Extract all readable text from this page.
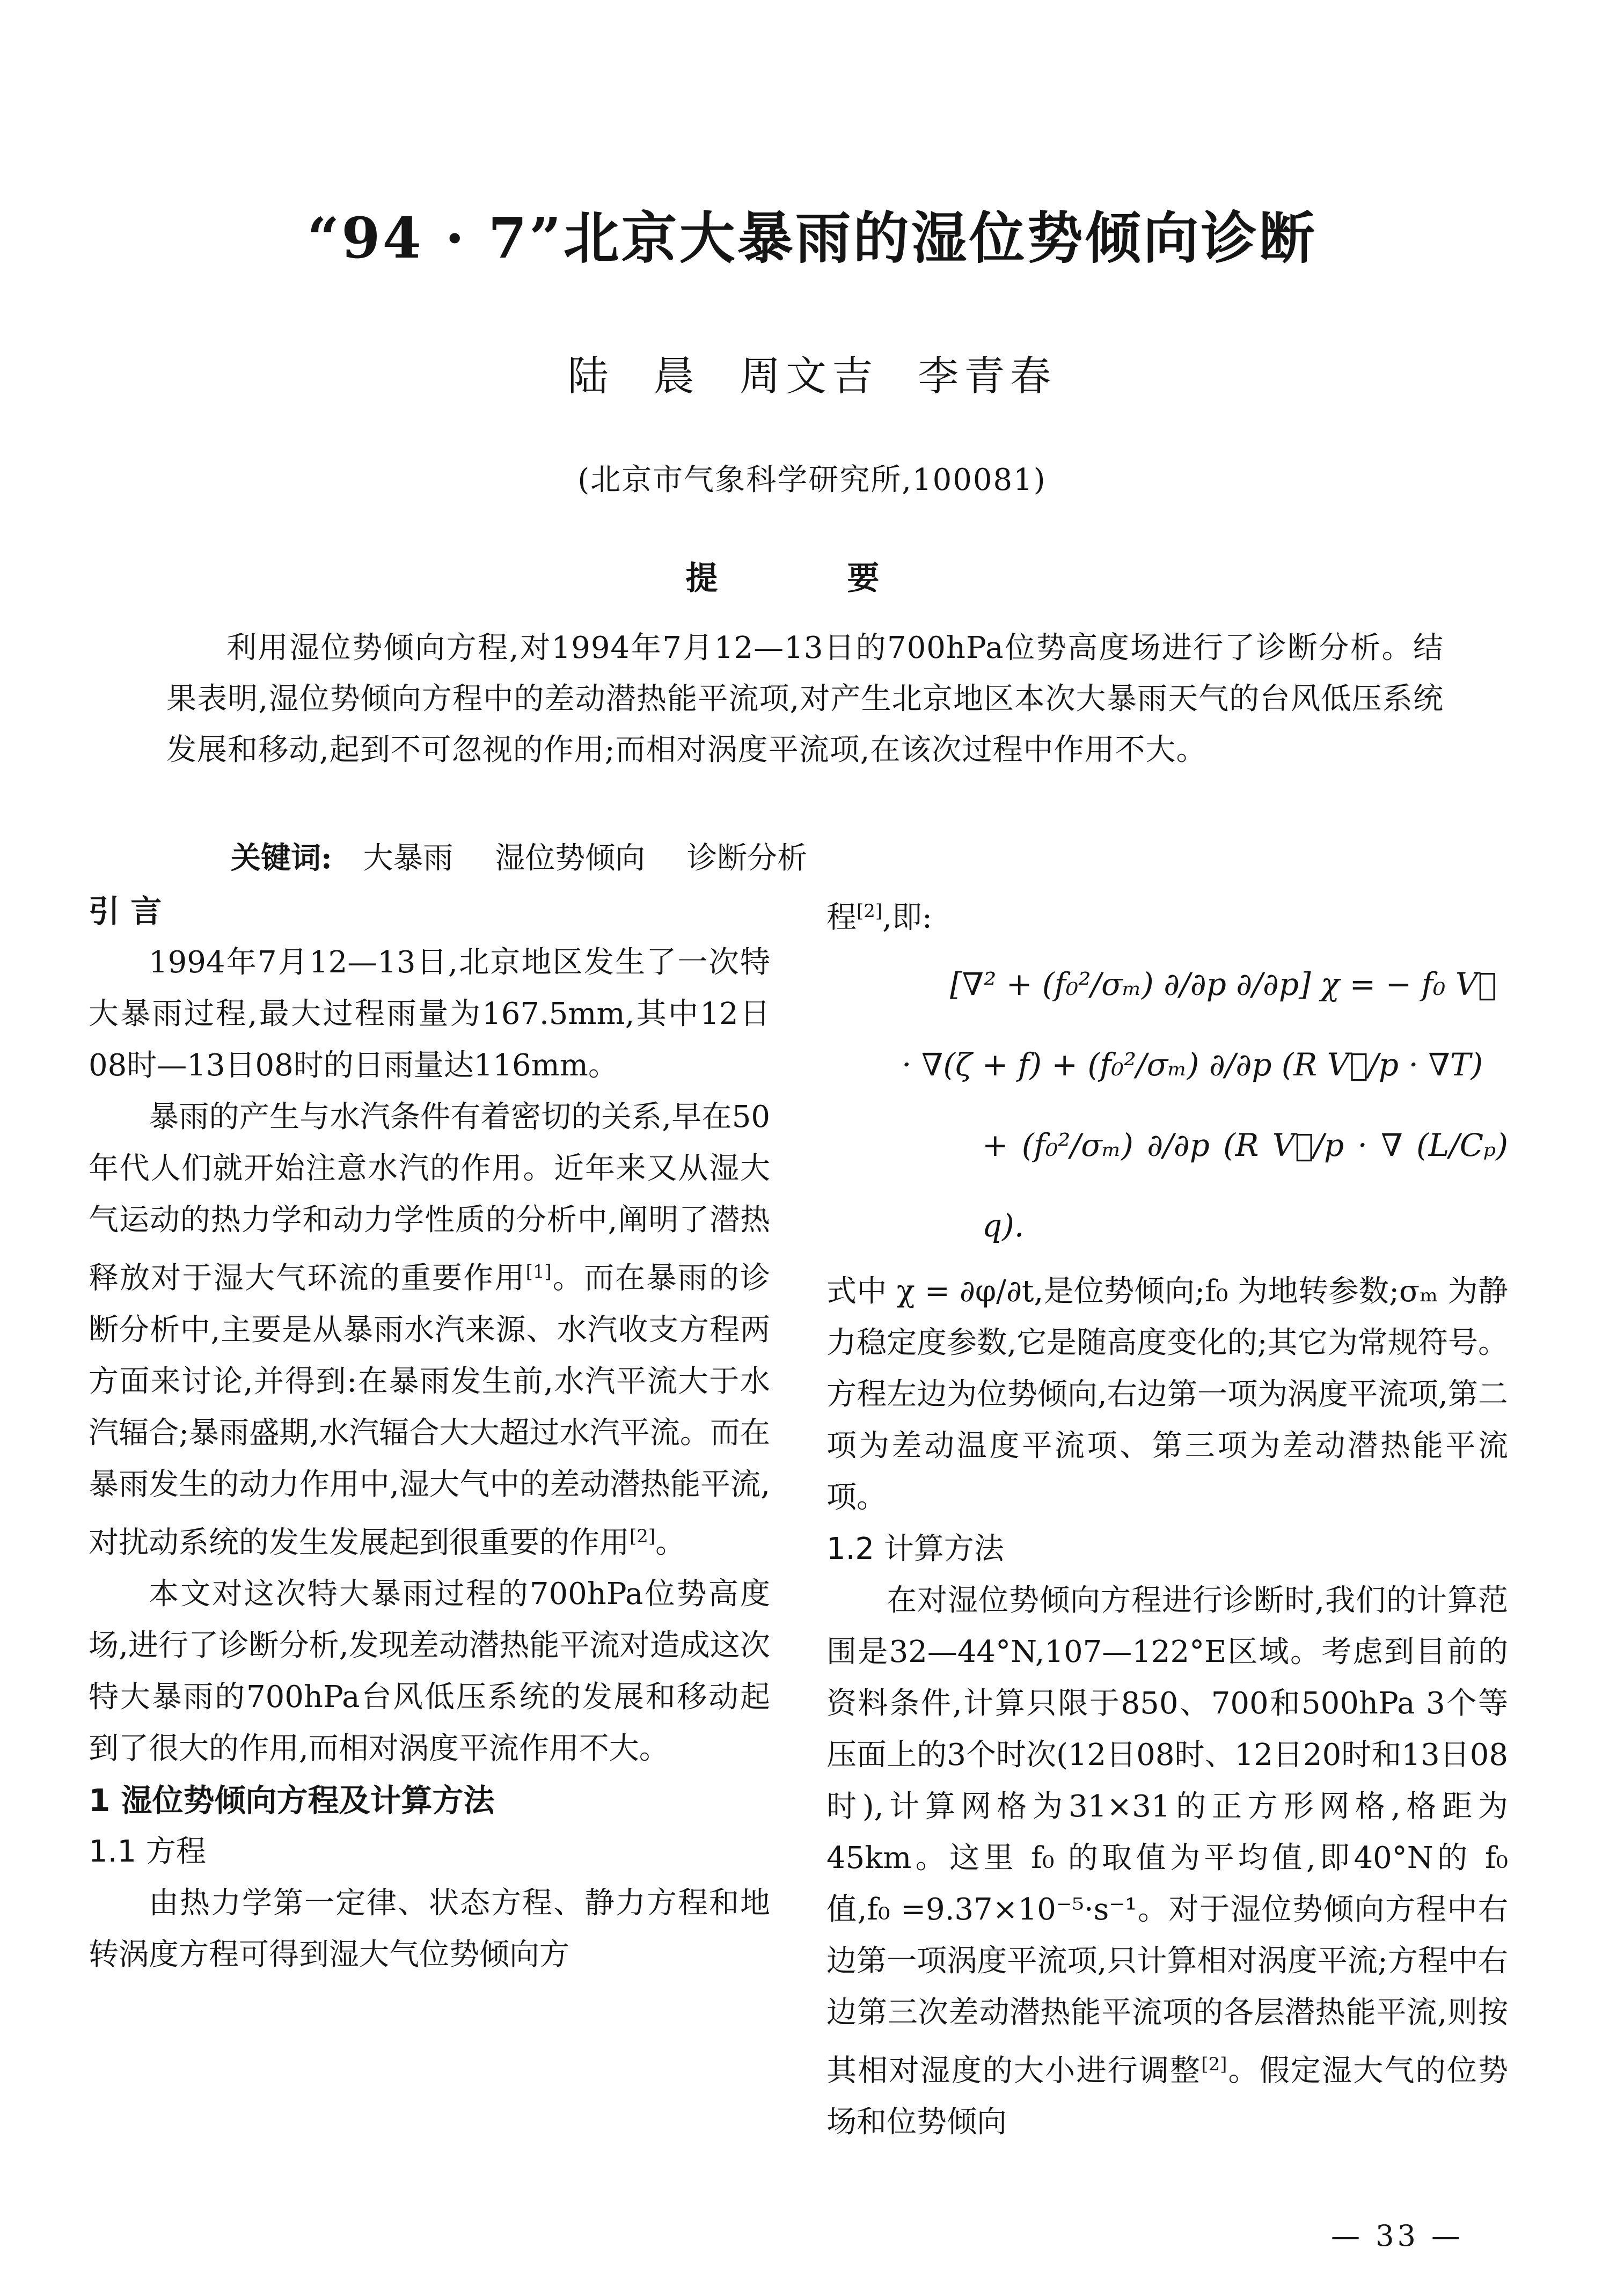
“94 · 7”北京大暴雨的湿位势倾向诊断
陆 晨 周文吉 李青春
(北京市气象科学研究所,100081)
提 要
利用湿位势倾向方程,对1994年7月12—13日的700hPa位势高度场进行了诊断分析。结果表明,湿位势倾向方程中的差动潜热能平流项,对产生北京地区本次大暴雨天气的台风低压系统发展和移动,起到不可忽视的作用;而相对涡度平流项,在该次过程中作用不大。
关键词: 大暴雨 湿位势倾向 诊断分析

引 言

1994年7月12—13日,北京地区发生了一次特大暴雨过程,最大过程雨量为167.5mm,其中12日08时—13日08时的日雨量达116mm。

暴雨的产生与水汽条件有着密切的关系,早在50年代人们就开始注意水汽的作用。近年来又从湿大气运动的热力学和动力学性质的分析中,阐明了潜热释放对于湿大气环流的重要作用[1]。而在暴雨的诊断分析中,主要是从暴雨水汽来源、水汽收支方程两方面来讨论,并得到:在暴雨发生前,水汽平流大于水汽辐合;暴雨盛期,水汽辐合大大超过水汽平流。而在暴雨发生的动力作用中,湿大气中的差动潜热能平流,对扰动系统的发生发展起到很重要的作用[2]。

本文对这次特大暴雨过程的700hPa位势高度场,进行了诊断分析,发现差动潜热能平流对造成这次特大暴雨的700hPa台风低压系统的发展和移动起到了很大的作用,而相对涡度平流作用不大。

1 湿位势倾向方程及计算方法

1.1 方程

由热力学第一定律、状态方程、静力方程和地转涡度方程可得到湿大气位势倾向方

程[2],即:

[∇² + (f₀²/σₘ) ∂/∂p ∂/∂p] χ = − f₀ V⃗

· ∇(ζ + f) + (f₀²/σₘ) ∂/∂p (R V⃗/p · ∇T)

+ (f₀²/σₘ) ∂/∂p (R V⃗/p · ∇ (L/Cₚ) q).

式中 χ = ∂φ/∂t,是位势倾向;f₀ 为地转参数;σₘ 为静力稳定度参数,它是随高度变化的;其它为常规符号。方程左边为位势倾向,右边第一项为涡度平流项,第二项为差动温度平流项、第三项为差动潜热能平流项。

1.2 计算方法

在对湿位势倾向方程进行诊断时,我们的计算范围是32—44°N,107—122°E区域。考虑到目前的资料条件,计算只限于850、700和500hPa 3个等压面上的3个时次(12日08时、12日20时和13日08时),计算网格为31×31的正方形网格,格距为45km。这里 f₀ 的取值为平均值,即40°N的 f₀ 值,f₀ =9.37×10⁻⁵·s⁻¹。对于湿位势倾向方程中右边第一项涡度平流项,只计算相对涡度平流;方程中右边第三次差动潜热能平流项的各层潜热能平流,则按其相对湿度的大小进行调整[2]。假定湿大气的位势场和位势倾向

— 33 —
